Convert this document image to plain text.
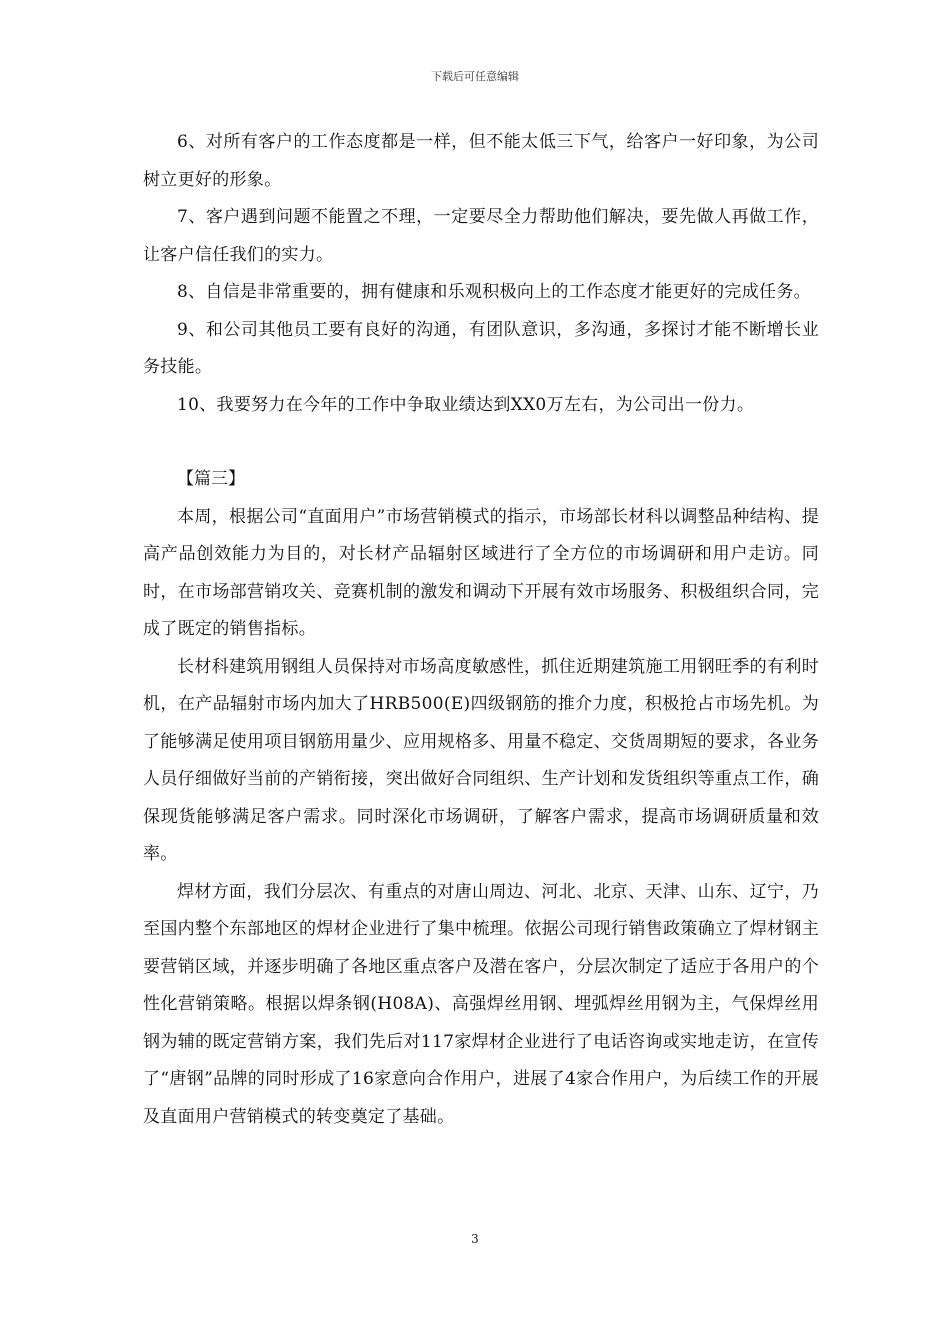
下载后可任意编辑

6、对所有客户的工作态度都是一样，但不能太低三下气，给客户一好印象，为公司树立更好的形象。

7、客户遇到问题不能置之不理，一定要尽全力帮助他们解决，要先做人再做工作，让客户信任我们的实力。

8、自信是非常重要的，拥有健康和乐观积极向上的工作态度才能更好的完成任务。

9、和公司其他员工要有良好的沟通，有团队意识，多沟通，多探讨才能不断增长业务技能。

10、我要努力在今年的工作中争取业绩达到XX0万左右，为公司出一份力。

【篇三】

本周，根据公司“直面用户”市场营销模式的指示，市场部长材科以调整品种结构、提高产品创效能力为目的，对长材产品辐射区域进行了全方位的市场调研和用户走访。同时，在市场部营销攻关、竞赛机制的激发和调动下开展有效市场服务、积极组织合同，完成了既定的销售指标。

长材科建筑用钢组人员保持对市场高度敏感性，抓住近期建筑施工用钢旺季的有利时机，在产品辐射市场内加大了HRB500(E)四级钢筋的推介力度，积极抢占市场先机。为了能够满足使用项目钢筋用量少、应用规格多、用量不稳定、交货周期短的要求，各业务人员仔细做好当前的产销衔接，突出做好合同组织、生产计划和发货组织等重点工作，确保现货能够满足客户需求。同时深化市场调研，了解客户需求，提高市场调研质量和效率。

焊材方面，我们分层次、有重点的对唐山周边、河北、北京、天津、山东、辽宁，乃至国内整个东部地区的焊材企业进行了集中梳理。依据公司现行销售政策确立了焊材钢主要营销区域，并逐步明确了各地区重点客户及潜在客户，分层次制定了适应于各用户的个性化营销策略。根据以焊条钢(H08A)、高强焊丝用钢、埋弧焊丝用钢为主，气保焊丝用钢为辅的既定营销方案，我们先后对117家焊材企业进行了电话咨询或实地走访，在宣传了“唐钢”品牌的同时形成了16家意向合作用户，进展了4家合作用户，为后续工作的开展及直面用户营销模式的转变奠定了基础。

3
